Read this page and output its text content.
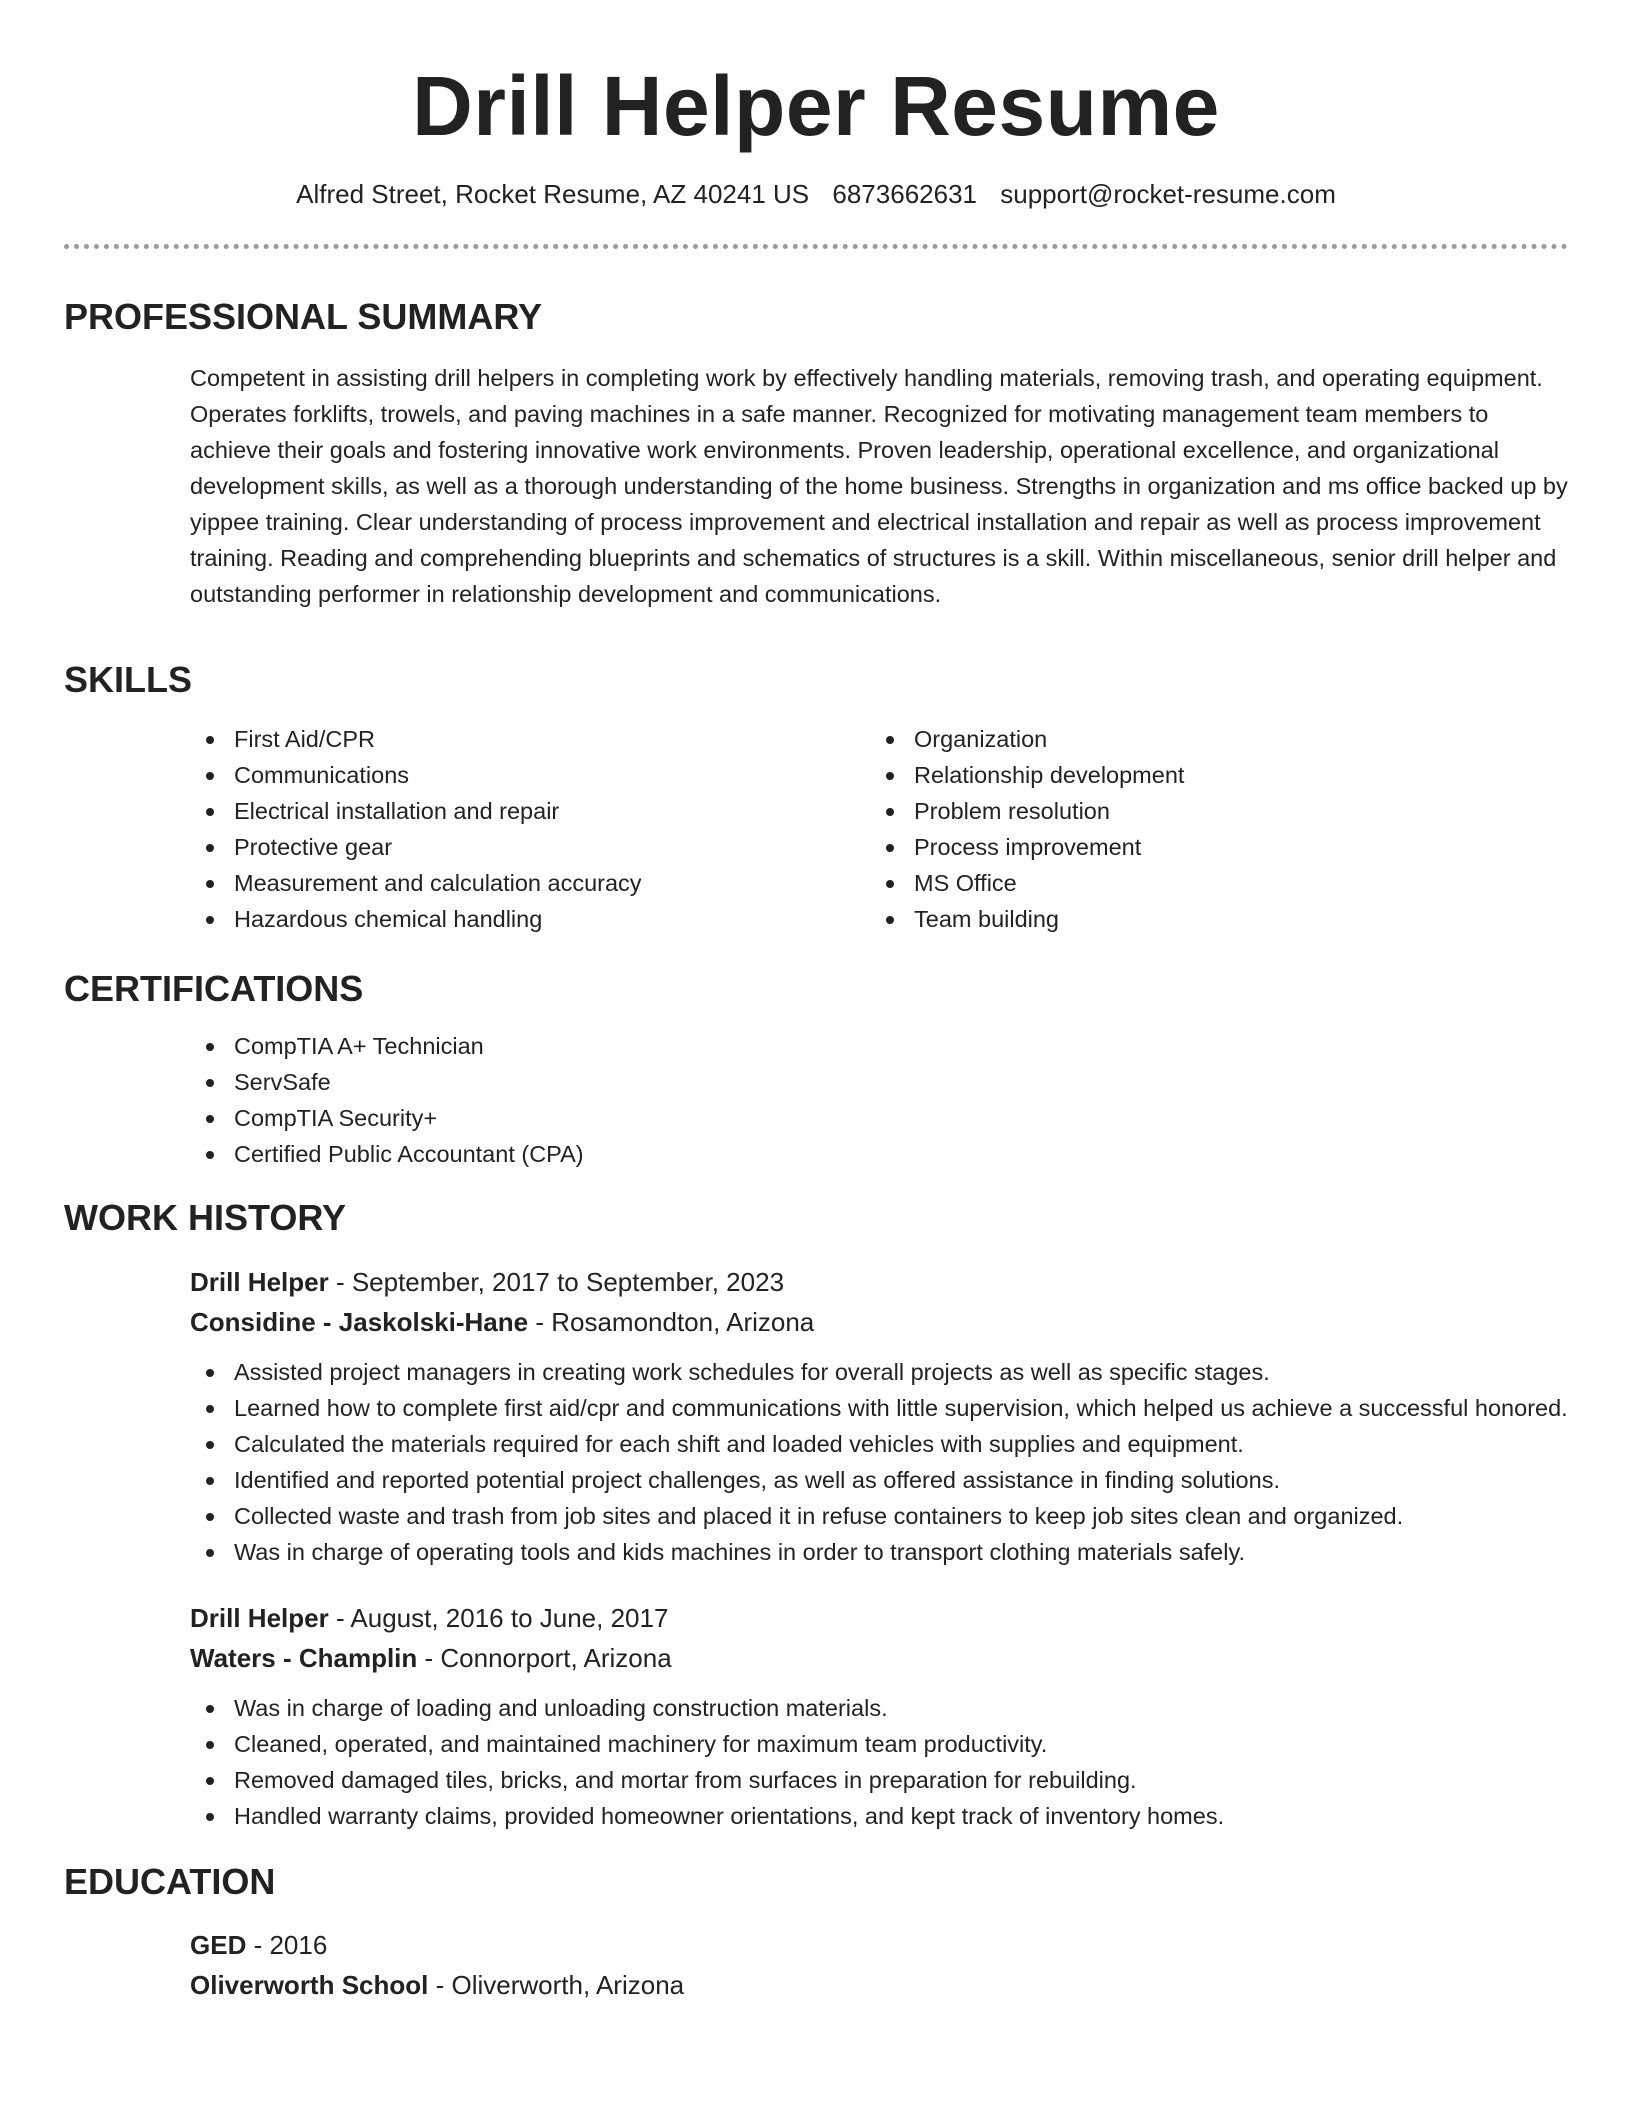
Drill Helper Resume
Alfred Street, Rocket Resume, AZ 40241 US 6873662631 support@rocket-resume.com
PROFESSIONAL SUMMARY

Competent in assisting drill helpers in completing work by effectively handling materials, removing trash, and operating equipment. Operates forklifts, trowels, and paving machines in a safe manner. Recognized for motivating management team members to achieve their goals and fostering innovative work environments. Proven leadership, operational excellence, and organizational development skills, as well as a thorough understanding of the home business. Strengths in organization and ms office backed up by yippee training. Clear understanding of process improvement and electrical installation and repair as well as process improvement training. Reading and comprehending blueprints and schematics of structures is a skill. Within miscellaneous, senior drill helper and outstanding performer in relationship development and communications.

SKILLS
First Aid/CPR
Communications
Electrical installation and repair
Protective gear
Measurement and calculation accuracy
Hazardous chemical handling
Organization
Relationship development
Problem resolution
Process improvement
MS Office
Team building
CERTIFICATIONS
CompTIA A+ Technician
ServSafe
CompTIA Security+
Certified Public Accountant (CPA)
WORK HISTORY
Drill Helper - September, 2017 to September, 2023
Considine - Jaskolski-Hane - Rosamondton, Arizona
Assisted project managers in creating work schedules for overall projects as well as specific stages.
Learned how to complete first aid/cpr and communications with little supervision, which helped us achieve a successful honored.
Calculated the materials required for each shift and loaded vehicles with supplies and equipment.
Identified and reported potential project challenges, as well as offered assistance in finding solutions.
Collected waste and trash from job sites and placed it in refuse containers to keep job sites clean and organized.
Was in charge of operating tools and kids machines in order to transport clothing materials safely.
Drill Helper - August, 2016 to June, 2017
Waters - Champlin - Connorport, Arizona
Was in charge of loading and unloading construction materials.
Cleaned, operated, and maintained machinery for maximum team productivity.
Removed damaged tiles, bricks, and mortar from surfaces in preparation for rebuilding.
Handled warranty claims, provided homeowner orientations, and kept track of inventory homes.
EDUCATION
GED - 2016
Oliverworth School - Oliverworth, Arizona
